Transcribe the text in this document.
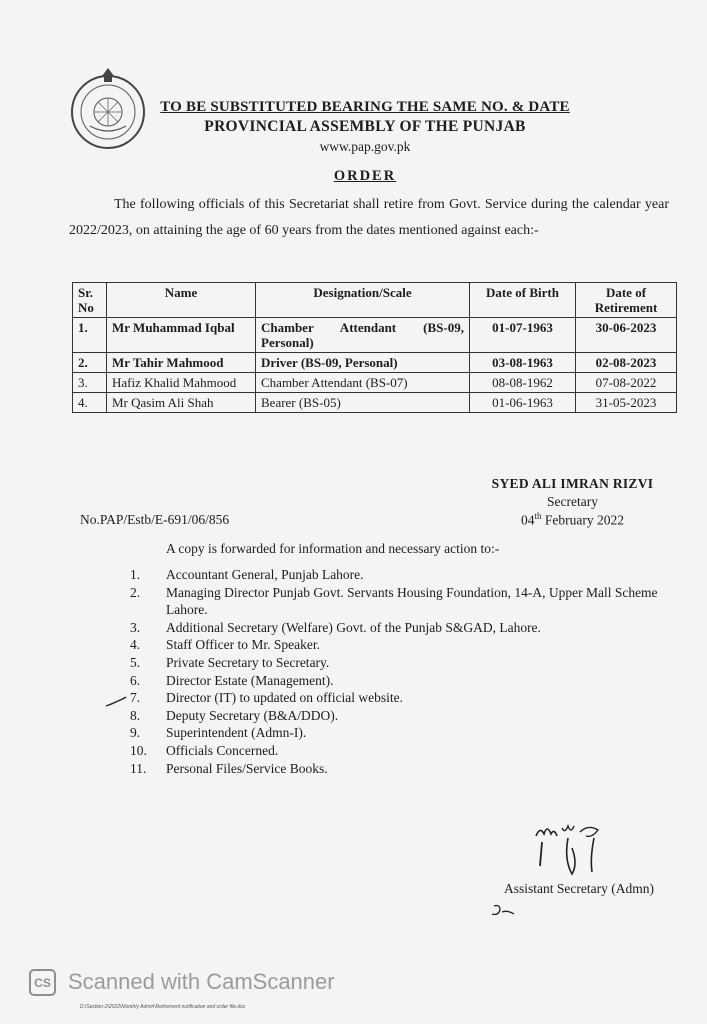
TO BE SUBSTITUTED BEARING THE SAME NO. & DATE
PROVINCIAL ASSEMBLY OF THE PUNJAB
www.pap.gov.pk
ORDER
The following officials of this Secretariat shall retire from Govt. Service during the calendar year 2022/2023, on attaining the age of 60 years from the dates mentioned against each:-
Sr. No	Name	Designation/Scale	Date of Birth	Date of Retirement
1.	Mr Muhammad Iqbal	Chamber Attendant (BS-09, Personal)	01-07-1963	30-06-2023
2.	Mr Tahir Mahmood	Driver (BS-09, Personal)	03-08-1963	02-08-2023
3.	Hafiz Khalid Mahmood	Chamber Attendant (BS-07)	08-08-1962	07-08-2022
4.	Mr Qasim Ali Shah	Bearer (BS-05)	01-06-1963	31-05-2023
SYED ALI IMRAN RIZVI
Secretary
04th February 2022
No.PAP/Estb/E-691/06/856
A copy is forwarded for information and necessary action to:-
1.	Accountant General, Punjab Lahore.
2.	Managing Director Punjab Govt. Servants Housing Foundation, 14-A, Upper Mall Scheme Lahore.
3.	Additional Secretary (Welfare) Govt. of the Punjab S&GAD, Lahore.
4.	Staff Officer to Mr. Speaker.
5.	Private Secretary to Secretary.
6.	Director Estate (Management).
7.	Director (IT) to updated on official website.
8.	Deputy Secretary (B&A/DDO).
9.	Superintendent (Admn-I).
10.	Officials Concerned.
11.	Personal Files/Service Books.
Assistant Secretary (Admn)
CS Scanned with CamScanner
D:\Section-2\2022\Monthly Admin\Retirement notification and order file.doc
